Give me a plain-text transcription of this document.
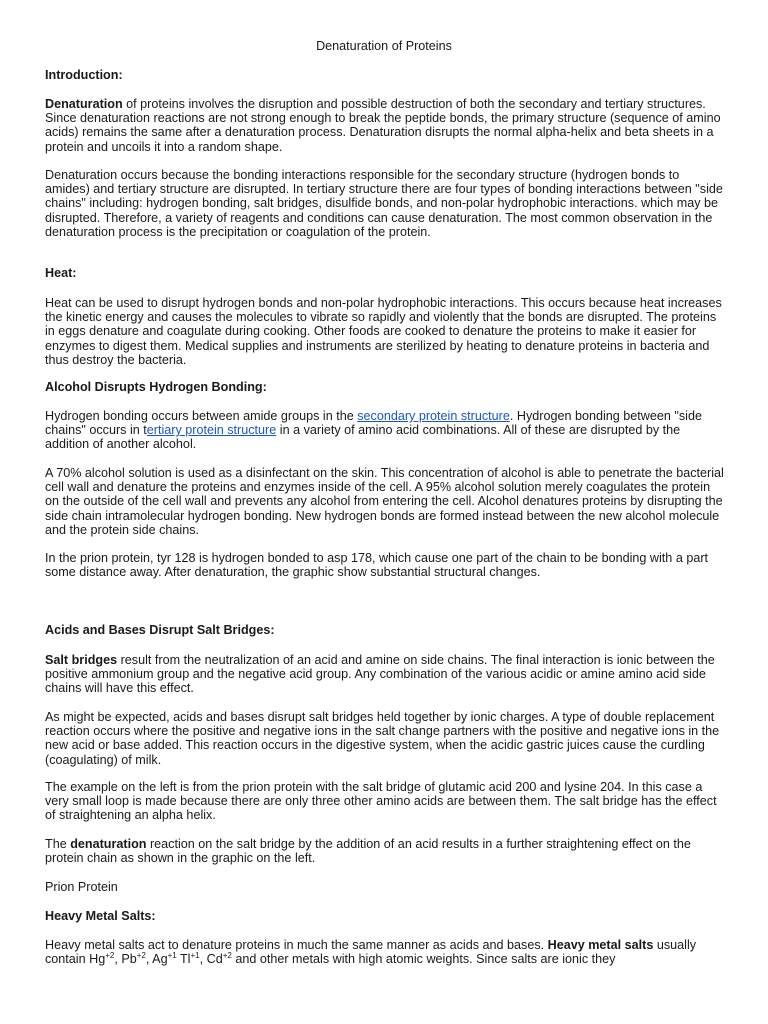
Denaturation of Proteins

Introduction:

Denaturation of proteins involves the disruption and possible destruction of both the secondary and tertiary structures. Since denaturation reactions are not strong enough to break the peptide bonds, the primary structure (sequence of amino acids) remains the same after a denaturation process. Denaturation disrupts the normal alpha-helix and beta sheets in a protein and uncoils it into a random shape.

Denaturation occurs because the bonding interactions responsible for the secondary structure (hydrogen bonds to amides) and tertiary structure are disrupted. In tertiary structure there are four types of bonding interactions between "side chains" including: hydrogen bonding, salt bridges, disulfide bonds, and non-polar hydrophobic interactions. which may be disrupted. Therefore, a variety of reagents and conditions can cause denaturation. The most common observation in the denaturation process is the precipitation or coagulation of the protein.

Heat:

Heat can be used to disrupt hydrogen bonds and non-polar hydrophobic interactions. This occurs because heat increases the kinetic energy and causes the molecules to vibrate so rapidly and violently that the bonds are disrupted. The proteins in eggs denature and coagulate during cooking. Other foods are cooked to denature the proteins to make it easier for enzymes to digest them. Medical supplies and instruments are sterilized by heating to denature proteins in bacteria and thus destroy the bacteria.

Alcohol Disrupts Hydrogen Bonding:

Hydrogen bonding occurs between amide groups in the secondary protein structure. Hydrogen bonding between "side chains" occurs in tertiary protein structure in a variety of amino acid combinations. All of these are disrupted by the addition of another alcohol.

A 70% alcohol solution is used as a disinfectant on the skin. This concentration of alcohol is able to penetrate the bacterial cell wall and denature the proteins and enzymes inside of the cell. A 95% alcohol solution merely coagulates the protein on the outside of the cell wall and prevents any alcohol from entering the cell. Alcohol denatures proteins by disrupting the side chain intramolecular hydrogen bonding. New hydrogen bonds are formed instead between the new alcohol molecule and the protein side chains.

In the prion protein, tyr 128 is hydrogen bonded to asp 178, which cause one part of the chain to be bonding with a part some distance away. After denaturation, the graphic show substantial structural changes.

Acids and Bases Disrupt Salt Bridges:

Salt bridges result from the neutralization of an acid and amine on side chains. The final interaction is ionic between the positive ammonium group and the negative acid group. Any combination of the various acidic or amine amino acid side chains will have this effect.

As might be expected, acids and bases disrupt salt bridges held together by ionic charges. A type of double replacement reaction occurs where the positive and negative ions in the salt change partners with the positive and negative ions in the new acid or base added. This reaction occurs in the digestive system, when the acidic gastric juices cause the curdling (coagulating) of milk.

The example on the left is from the prion protein with the salt bridge of glutamic acid 200 and lysine 204. In this case a very small loop is made because there are only three other amino acids are between them. The salt bridge has the effect of straightening an alpha helix.

The denaturation reaction on the salt bridge by the addition of an acid results in a further straightening effect on the protein chain as shown in the graphic on the left.

Prion Protein

Heavy Metal Salts:

Heavy metal salts act to denature proteins in much the same manner as acids and bases. Heavy metal salts usually contain $Hg^{+2}$, $Pb^{+2}$, $Ag^{+1}$ $Tl^{+1}$, $Cd^{+2}$ and other metals with high atomic weights. Since salts are ionic they
